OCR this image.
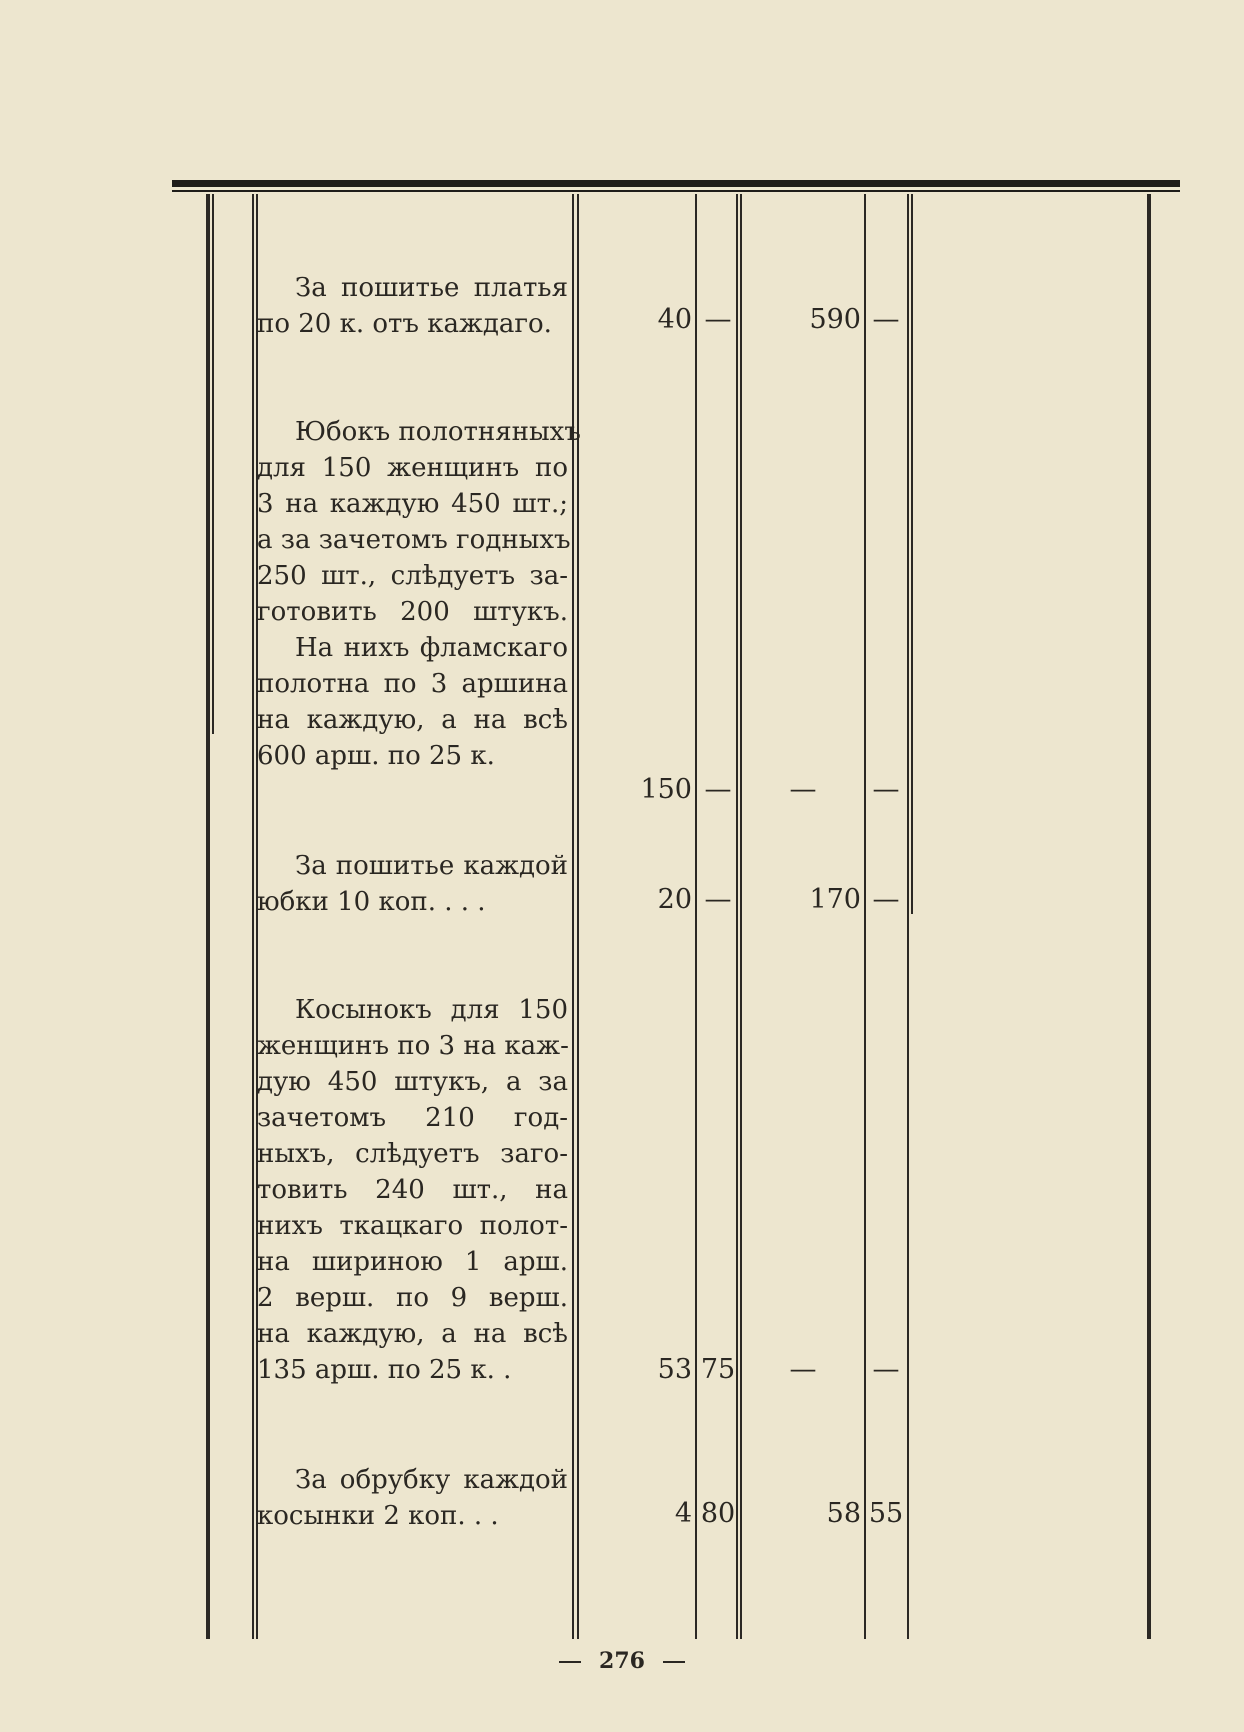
За пошитье платья
по 20 к. отъ каждаго.	40 —	590 —
Юбокъ полотняныхъ
для 150 женщинъ по
3 на каждую 450 шт.;
а за зачетомъ годныхъ
250 шт., слѣдуетъ за-
готовить 200 штукъ.
На нихъ фламскаго
полотна по 3 аршина
на каждую, а на всѣ
600 арш. по 25 к.
150 —	—	—
За пошитье каждой
юбки 10 коп. . . .	20 —	170 —
Косынокъ для 150
женщинъ по 3 на каж-
дую 450 штукъ, а за
зачетомъ 210 год-
ныхъ, слѣдуетъ заго-
товить 240 шт., на
нихъ ткацкаго полот-
на шириною 1 арш.
2 верш. по 9 верш.
на каждую, а на всѣ
135 арш. по 25 к. .	53 75	—	—
За обрубку каждой
косынки 2 коп. . .	4 80	58 55
276
